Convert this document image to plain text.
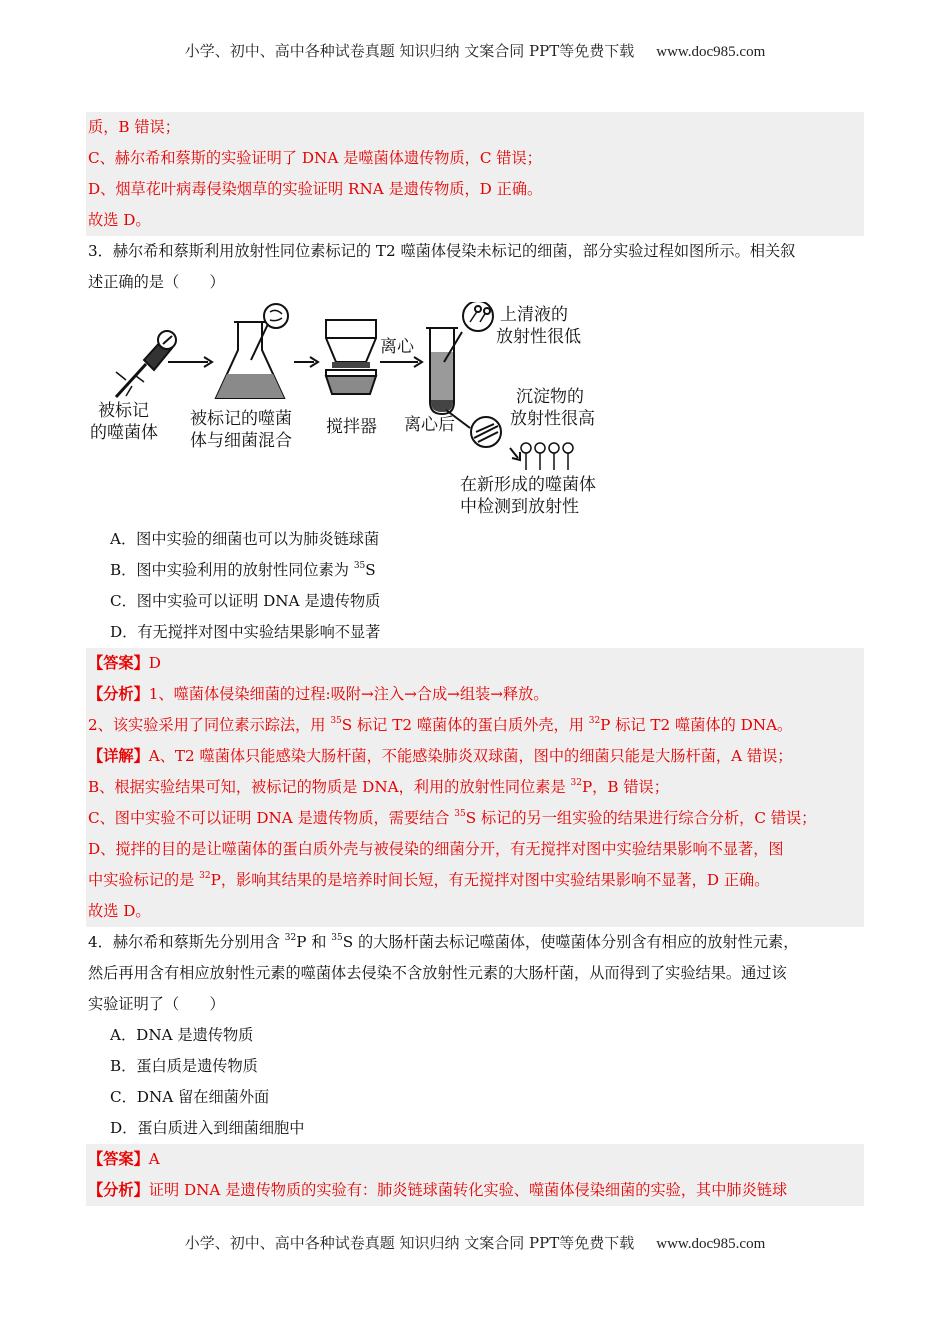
小学、初中、高中各种试卷真题 知识归纳 文案合同 PPT等免费下载 www.doc985.com
质，B 错误；
C、赫尔希和蔡斯的实验证明了 DNA 是噬菌体遗传物质，C 错误；
D、烟草花叶病毒侵染烟草的实验证明 RNA 是遗传物质，D 正确。
故选 D。
3．赫尔希和蔡斯利用放射性同位素标记的 T2 噬菌体侵染未标记的细菌，部分实验过程如图所示。相关叙
述正确的是（　　）
被标记
的噬菌体
被标记的噬菌
体与细菌混合
搅拌器
离心
离心后
上清液的
放射性很低
沉淀物的
放射性很高
在新形成的噬菌体
中检测到放射性
A．图中实验的细菌也可以为肺炎链球菌
B．图中实验利用的放射性同位素为 $^{35}$S
C．图中实验可以证明 DNA 是遗传物质
D．有无搅拌对图中实验结果影响不显著
【答案】D
【分析】1、噬菌体侵染细菌的过程:吸附→注入→合成→组装→释放。
2、该实验采用了同位素示踪法，用 $^{35}$S 标记 T2 噬菌体的蛋白质外壳，用 $^{32}$P 标记 T2 噬菌体的 DNA。
【详解】A、T2 噬菌体只能感染大肠杆菌，不能感染肺炎双球菌，图中的细菌只能是大肠杆菌，A 错误；
B、根据实验结果可知，被标记的物质是 DNA，利用的放射性同位素是 $^{32}$P，B 错误；
C、图中实验不可以证明 DNA 是遗传物质，需要结合 $^{35}$S 标记的另一组实验的结果进行综合分析，C 错误；
D、搅拌的目的是让噬菌体的蛋白质外壳与被侵染的细菌分开，有无搅拌对图中实验结果影响不显著，图
中实验标记的是 $^{32}$P，影响其结果的是培养时间长短，有无搅拌对图中实验结果影响不显著，D 正确。
故选 D。
4．赫尔希和蔡斯先分别用含 $^{32}$P 和 $^{35}$S 的大肠杆菌去标记噬菌体，使噬菌体分别含有相应的放射性元素，
然后再用含有相应放射性元素的噬菌体去侵染不含放射性元素的大肠杆菌，从而得到了实验结果。通过该
实验证明了（　　）
A．DNA 是遗传物质
B．蛋白质是遗传物质
C．DNA 留在细菌外面
D．蛋白质进入到细菌细胞中
【答案】A
【分析】证明 DNA 是遗传物质的实验有：肺炎链球菌转化实验、噬菌体侵染细菌的实验，其中肺炎链球
小学、初中、高中各种试卷真题 知识归纳 文案合同 PPT等免费下载 www.doc985.com
